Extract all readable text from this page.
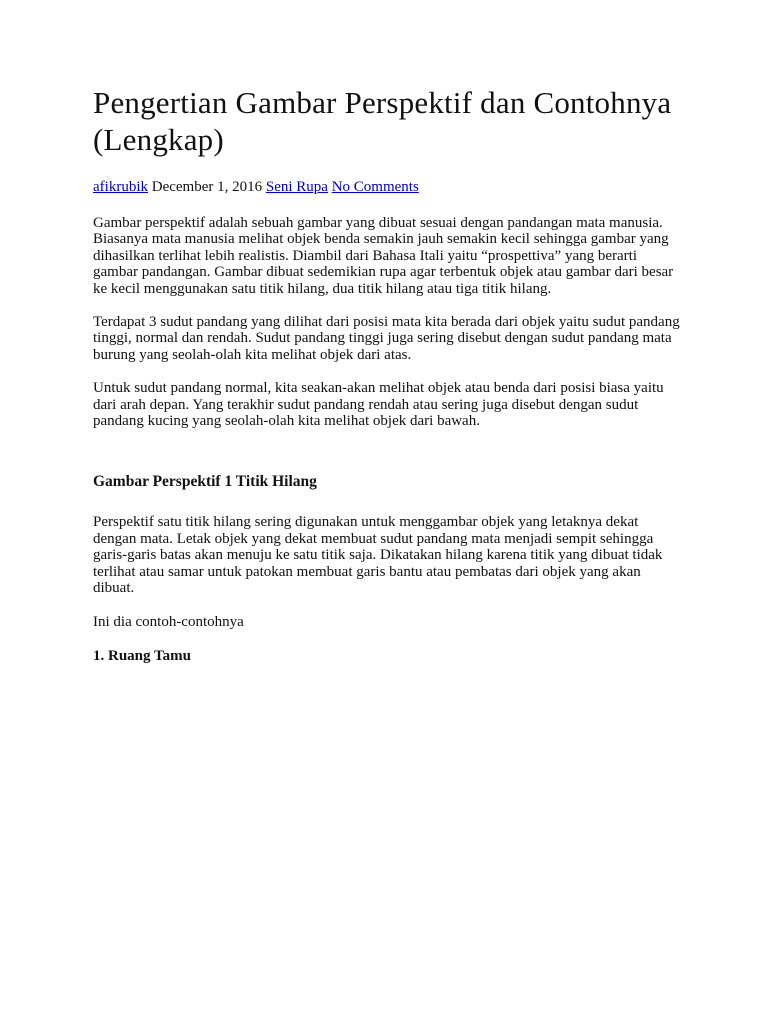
Pengertian Gambar Perspektif dan Contohnya (Lengkap)
afikrubik December 1, 2016 Seni Rupa No Comments

Gambar perspektif adalah sebuah gambar yang dibuat sesuai dengan pandangan mata manusia. Biasanya mata manusia melihat objek benda semakin jauh semakin kecil sehingga gambar yang dihasilkan terlihat lebih realistis. Diambil dari Bahasa Itali yaitu “prospettiva” yang berarti gambar pandangan. Gambar dibuat sedemikian rupa agar terbentuk objek atau gambar dari besar ke kecil menggunakan satu titik hilang, dua titik hilang atau tiga titik hilang.

Terdapat 3 sudut pandang yang dilihat dari posisi mata kita berada dari objek yaitu sudut pandang tinggi, normal dan rendah. Sudut pandang tinggi juga sering disebut dengan sudut pandang mata burung yang seolah-olah kita melihat objek dari atas.

Untuk sudut pandang normal, kita seakan-akan melihat objek atau benda dari posisi biasa yaitu dari arah depan. Yang terakhir sudut pandang rendah atau sering juga disebut dengan sudut pandang kucing yang seolah-olah kita melihat objek dari bawah.

Gambar Perspektif 1 Titik Hilang

Perspektif satu titik hilang sering digunakan untuk menggambar objek yang letaknya dekat dengan mata. Letak objek yang dekat membuat sudut pandang mata menjadi sempit sehingga garis-garis batas akan menuju ke satu titik saja. Dikatakan hilang karena titik yang dibuat tidak terlihat atau samar untuk patokan membuat garis bantu atau pembatas dari objek yang akan dibuat.

Ini dia contoh-contohnya

1. Ruang Tamu
